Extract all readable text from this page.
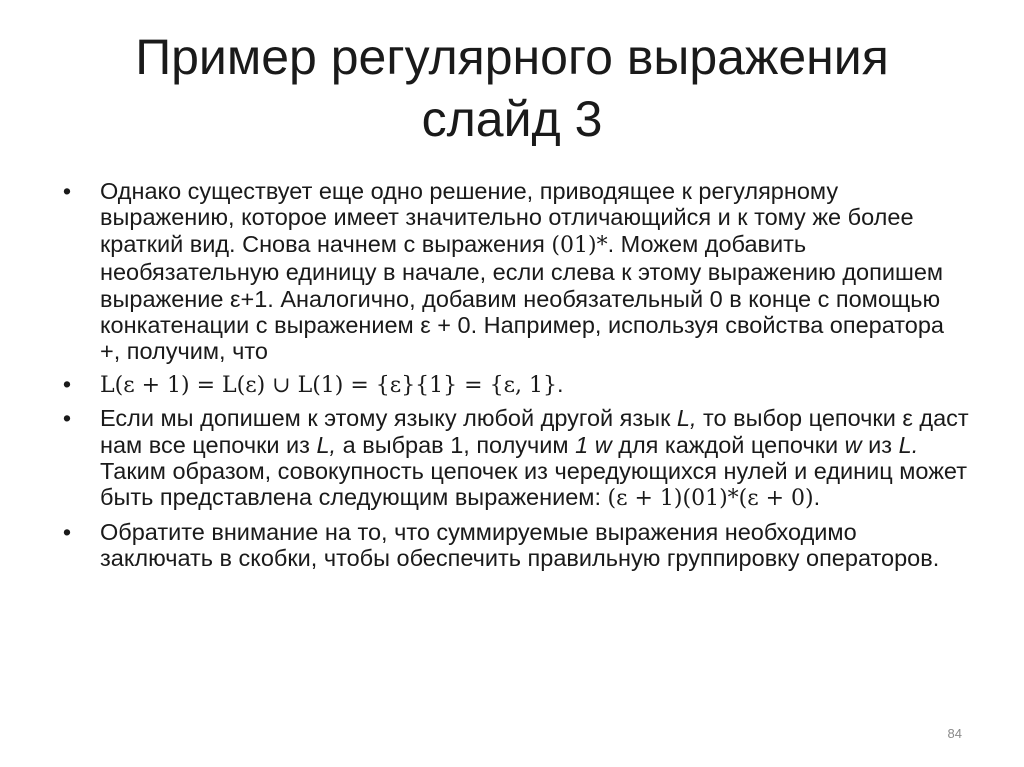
Пример регулярного выражения
слайд 3
• Однако существует еще одно решение, приводящее к регулярному выражению, которое имеет значительно отличающийся и к тому же более краткий вид. Снова начнем с выражения (01)*. Можем добавить необязательную единицу в начале, если слева к этому выражению допишем выражение ε+1. Аналогично, добавим необязательный 0 в конце с помощью конкатенации с выражением ε + 0. Например, используя свойства оператора +, получим, что
• L(ε + 1) = L(ε) ∪ L(1) = {ε}{1} = {ε, 1}.
• Если мы допишем к этому языку любой другой язык L, то выбор цепочки ε даст нам все цепочки из L, а выбрав 1, получим 1 w для каждой цепочки w из L. Таким образом, совокупность цепочек из чередующихся нулей и единиц может быть представлена следующим выражением: (ε + 1)(01)*(ε + 0).
• Обратите внимание на то, что суммируемые выражения необходимо заключать в скобки, чтобы обеспечить правильную группировку операторов.
84
